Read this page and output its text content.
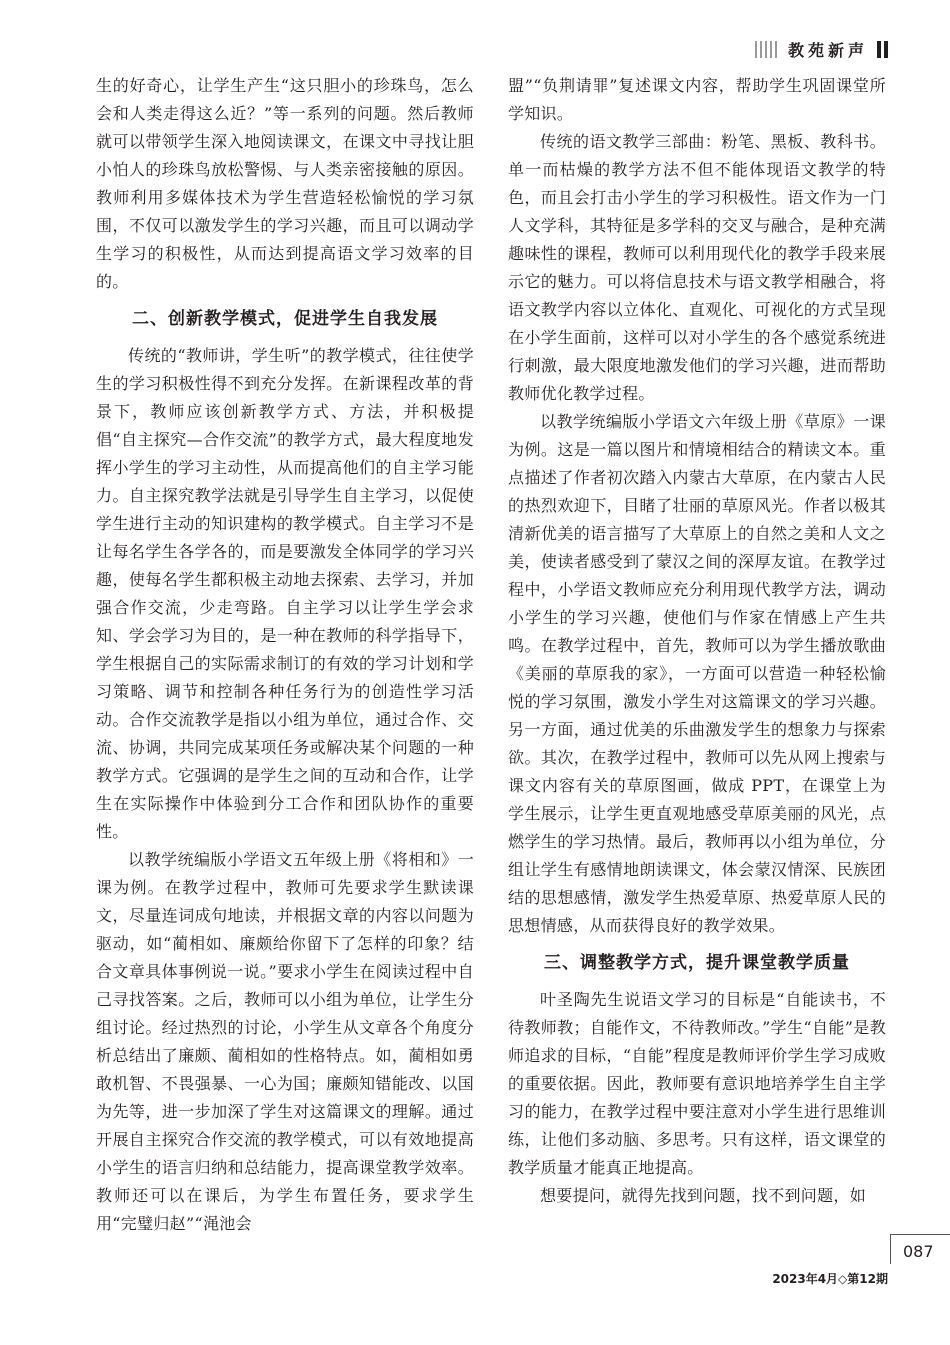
教苑新声

生的好奇心，让学生产生“这只胆小的珍珠鸟，怎么会和人类走得这么近？”等一系列的问题。然后教师就可以带领学生深入地阅读课文，在课文中寻找让胆小怕人的珍珠鸟放松警惕、与人类亲密接触的原因。教师利用多媒体技术为学生营造轻松愉悦的学习氛围，不仅可以激发学生的学习兴趣，而且可以调动学生学习的积极性，从而达到提高语文学习效率的目的。

二、创新教学模式，促进学生自我发展

传统的“教师讲，学生听”的教学模式，往往使学生的学习积极性得不到充分发挥。在新课程改革的背景下，教师应该创新教学方式、方法，并积极提倡“自主探究—合作交流”的教学方式，最大程度地发挥小学生的学习主动性，从而提高他们的自主学习能力。自主探究教学法就是引导学生自主学习，以促使学生进行主动的知识建构的教学模式。自主学习不是让每名学生各学各的，而是要激发全体同学的学习兴趣，使每名学生都积极主动地去探索、去学习，并加强合作交流，少走弯路。自主学习以让学生学会求知、学会学习为目的，是一种在教师的科学指导下，学生根据自己的实际需求制订的有效的学习计划和学习策略、调节和控制各种任务行为的创造性学习活动。合作交流教学是指以小组为单位，通过合作、交流、协调，共同完成某项任务或解决某个问题的一种教学方式。它强调的是学生之间的互动和合作，让学生在实际操作中体验到分工合作和团队协作的重要性。

以教学统编版小学语文五年级上册《将相和》一课为例。在教学过程中，教师可先要求学生默读课文，尽量连词成句地读，并根据文章的内容以问题为驱动，如“蔺相如、廉颇给你留下了怎样的印象？结合文章具体事例说一说。”要求小学生在阅读过程中自己寻找答案。之后，教师可以小组为单位，让学生分组讨论。经过热烈的讨论，小学生从文章各个角度分析总结出了廉颇、蔺相如的性格特点。如，蔺相如勇敢机智、不畏强暴、一心为国；廉颇知错能改、以国为先等，进一步加深了学生对这篇课文的理解。通过开展自主探究合作交流的教学模式，可以有效地提高小学生的语言归纳和总结能力，提高课堂教学效率。教师还可以在课后，为学生布置任务，要求学生用“完璧归赵”“渑池会

盟”“负荆请罪”复述课文内容，帮助学生巩固课堂所学知识。

传统的语文教学三部曲：粉笔、黑板、教科书。单一而枯燥的教学方法不但不能体现语文教学的特色，而且会打击小学生的学习积极性。语文作为一门人文学科，其特征是多学科的交叉与融合，是种充满趣味性的课程，教师可以利用现代化的教学手段来展示它的魅力。可以将信息技术与语文教学相融合，将语文教学内容以立体化、直观化、可视化的方式呈现在小学生面前，这样可以对小学生的各个感觉系统进行刺激，最大限度地激发他们的学习兴趣，进而帮助教师优化教学过程。

以教学统编版小学语文六年级上册《草原》一课为例。这是一篇以图片和情境相结合的精读文本。重点描述了作者初次踏入内蒙古大草原，在内蒙古人民的热烈欢迎下，目睹了壮丽的草原风光。作者以极其清新优美的语言描写了大草原上的自然之美和人文之美，使读者感受到了蒙汉之间的深厚友谊。在教学过程中，小学语文教师应充分利用现代教学方法，调动小学生的学习兴趣，使他们与作家在情感上产生共鸣。在教学过程中，首先，教师可以为学生播放歌曲《美丽的草原我的家》，一方面可以营造一种轻松愉悦的学习氛围，激发小学生对这篇课文的学习兴趣。另一方面，通过优美的乐曲激发学生的想象力与探索欲。其次，在教学过程中，教师可以先从网上搜索与课文内容有关的草原图画，做成 PPT，在课堂上为学生展示，让学生更直观地感受草原美丽的风光，点燃学生的学习热情。最后，教师再以小组为单位，分组让学生有感情地朗读课文，体会蒙汉情深、民族团结的思想感情，激发学生热爱草原、热爱草原人民的思想情感，从而获得良好的教学效果。

三、调整教学方式，提升课堂教学质量

叶圣陶先生说语文学习的目标是“自能读书，不待教师教；自能作文，不待教师改。”学生“自能”是教师追求的目标，“自能”程度是教师评价学生学习成败的重要依据。因此，教师要有意识地培养学生自主学习的能力，在教学过程中要注意对小学生进行思维训练，让他们多动脑、多思考。只有这样，语文课堂的教学质量才能真正地提高。

想要提问，就得先找到问题，找不到问题，如

087
2023年4月◇第12期
